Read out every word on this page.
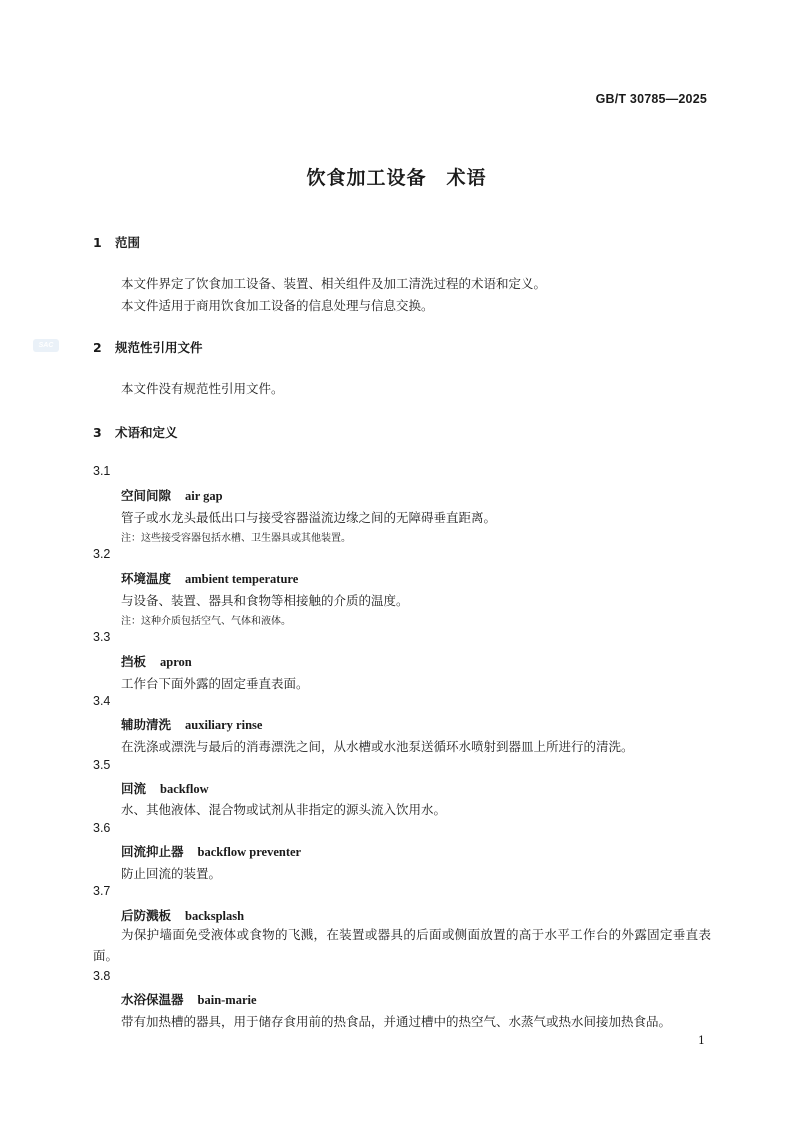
GB/T 30785—2025
SAC
饮食加工设备　术语
1 范围
本文件界定了饮食加工设备、装置、相关组件及加工清洗过程的术语和定义。
本文件适用于商用饮食加工设备的信息处理与信息交换。
2 规范性引用文件
本文件没有规范性引用文件。
3 术语和定义
3.1
空间间隙 air gap
管子或水龙头最低出口与接受容器溢流边缘之间的无障碍垂直距离。
注：这些接受容器包括水槽、卫生器具或其他装置。
3.2
环境温度 ambient temperature
与设备、装置、器具和食物等相接触的介质的温度。
注：这种介质包括空气、气体和液体。
3.3
挡板 apron
工作台下面外露的固定垂直表面。
3.4
辅助清洗 auxiliary rinse
在洗涤或漂洗与最后的消毒漂洗之间，从水槽或水池泵送循环水喷射到器皿上所进行的清洗。
3.5
回流 backflow
水、其他液体、混合物或试剂从非指定的源头流入饮用水。
3.6
回流抑止器 backflow preventer
防止回流的装置。
3.7
后防溅板 backsplash
为保护墙面免受液体或食物的飞溅，在装置或器具的后面或侧面放置的高于水平工作台的外露固定垂直表面。
3.8
水浴保温器 bain-marie
带有加热槽的器具，用于储存食用前的热食品，并通过槽中的热空气、水蒸气或热水间接加热食品。
1
